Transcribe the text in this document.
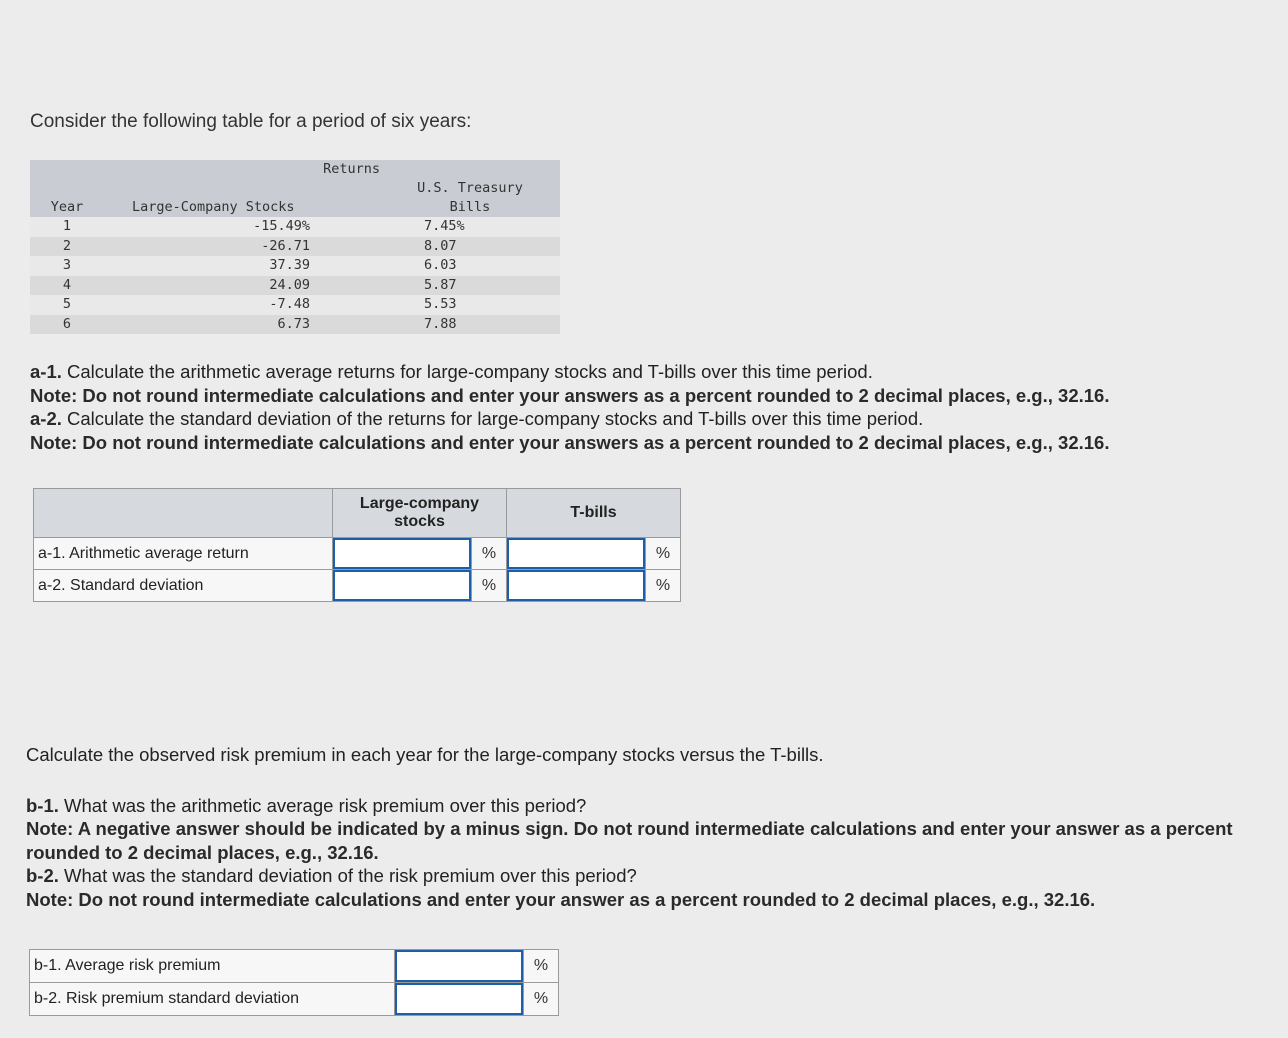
Consider the following table for a period of six years:
	Returns	
		U.S. Treasury
Year	Large-Company Stocks	Bills
1	-15.49%	7.45%
2	-26.71	8.07
3	37.39	6.03
4	24.09	5.87
5	-7.48	5.53
6	6.73	7.88
a-1. Calculate the arithmetic average returns for large-company stocks and T-bills over this time period.
Note: Do not round intermediate calculations and enter your answers as a percent rounded to 2 decimal places, e.g., 32.16.
a-2. Calculate the standard deviation of the returns for large-company stocks and T-bills over this time period.
Note: Do not round intermediate calculations and enter your answers as a percent rounded to 2 decimal places, e.g., 32.16.

	Large-company
stocks		T-bills	
a-1. Arithmetic average return		%		%
a-2. Standard deviation		%		%
Calculate the observed risk premium in each year for the large-company stocks versus the T-bills.
b-1. What was the arithmetic average risk premium over this period?
Note: A negative answer should be indicated by a minus sign. Do not round intermediate calculations and enter your answer as a percent rounded to 2 decimal places, e.g., 32.16.
b-2. What was the standard deviation of the risk premium over this period?
Note: Do not round intermediate calculations and enter your answer as a percent rounded to 2 decimal places, e.g., 32.16.
b-1. Average risk premium		%
b-2. Risk premium standard deviation		%
